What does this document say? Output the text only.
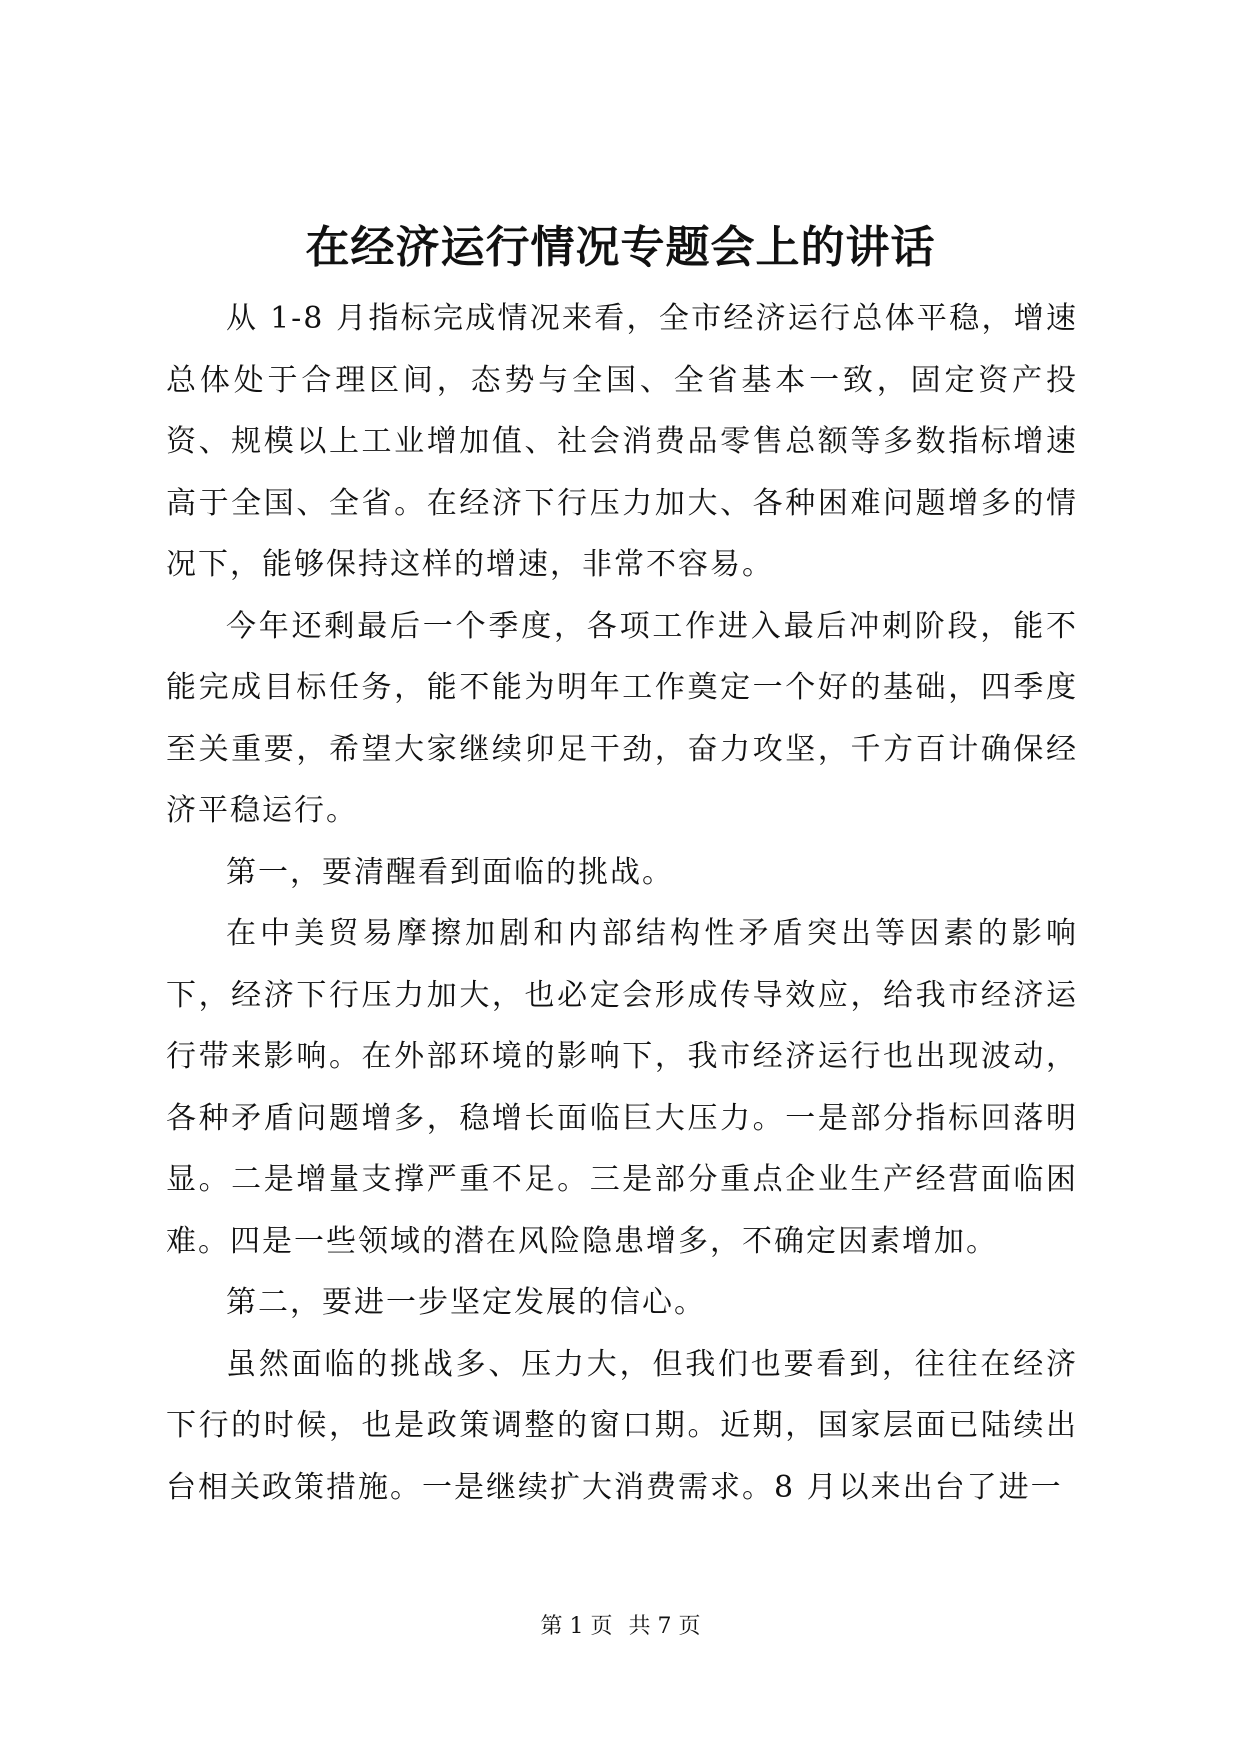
在经济运行情况专题会上的讲话

从 1-8 月指标完成情况来看，全市经济运行总体平稳，增速总体处于合理区间，态势与全国、全省基本一致，固定资产投资、规模以上工业增加值、社会消费品零售总额等多数指标增速高于全国、全省。在经济下行压力加大、各种困难问题增多的情况下，能够保持这样的增速，非常不容易。

今年还剩最后一个季度，各项工作进入最后冲刺阶段，能不能完成目标任务，能不能为明年工作奠定一个好的基础，四季度至关重要，希望大家继续卯足干劲，奋力攻坚，千方百计确保经济平稳运行。

第一，要清醒看到面临的挑战。

在中美贸易摩擦加剧和内部结构性矛盾突出等因素的影响下，经济下行压力加大，也必定会形成传导效应，给我市经济运行带来影响。在外部环境的影响下，我市经济运行也出现波动，各种矛盾问题增多，稳增长面临巨大压力。一是部分指标回落明显。二是增量支撑严重不足。三是部分重点企业生产经营面临困难。四是一些领域的潜在风险隐患增多，不确定因素增加。

第二，要进一步坚定发展的信心。

虽然面临的挑战多、压力大，但我们也要看到，往往在经济下行的时候，也是政策调整的窗口期。近期，国家层面已陆续出台相关政策措施。一是继续扩大消费需求。8 月以来出台了进一

第 1 页 共 7 页
